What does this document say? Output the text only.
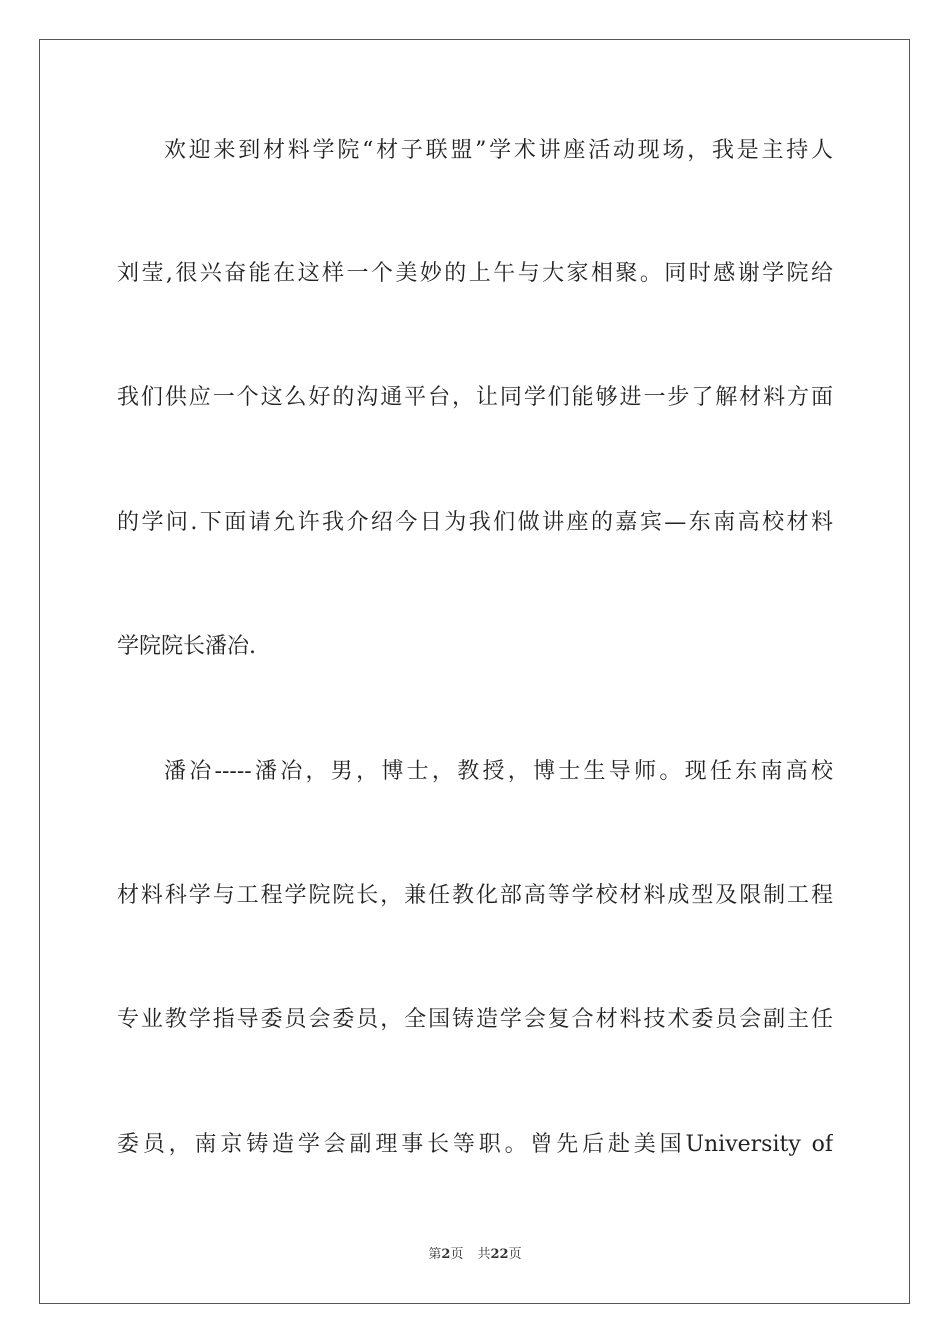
欢迎来到材料学院“材子联盟”学术讲座活动现场，我是主持人
刘莹,很兴奋能在这样一个美妙的上午与大家相聚。同时感谢学院给
我们供应一个这么好的沟通平台，让同学们能够进一步了解材料方面
的学问.下面请允许我介绍今日为我们做讲座的嘉宾—东南高校材料
学院院长潘冶.
潘冶-----潘冶，男，博士，教授，博士生导师。现任东南高校
材料科学与工程学院院长，兼任教化部高等学校材料成型及限制工程
专业教学指导委员会委员，全国铸造学会复合材料技术委员会副主任
委员，南京铸造学会副理事长等职。曾先后赴美国University of
第2页 共22页
